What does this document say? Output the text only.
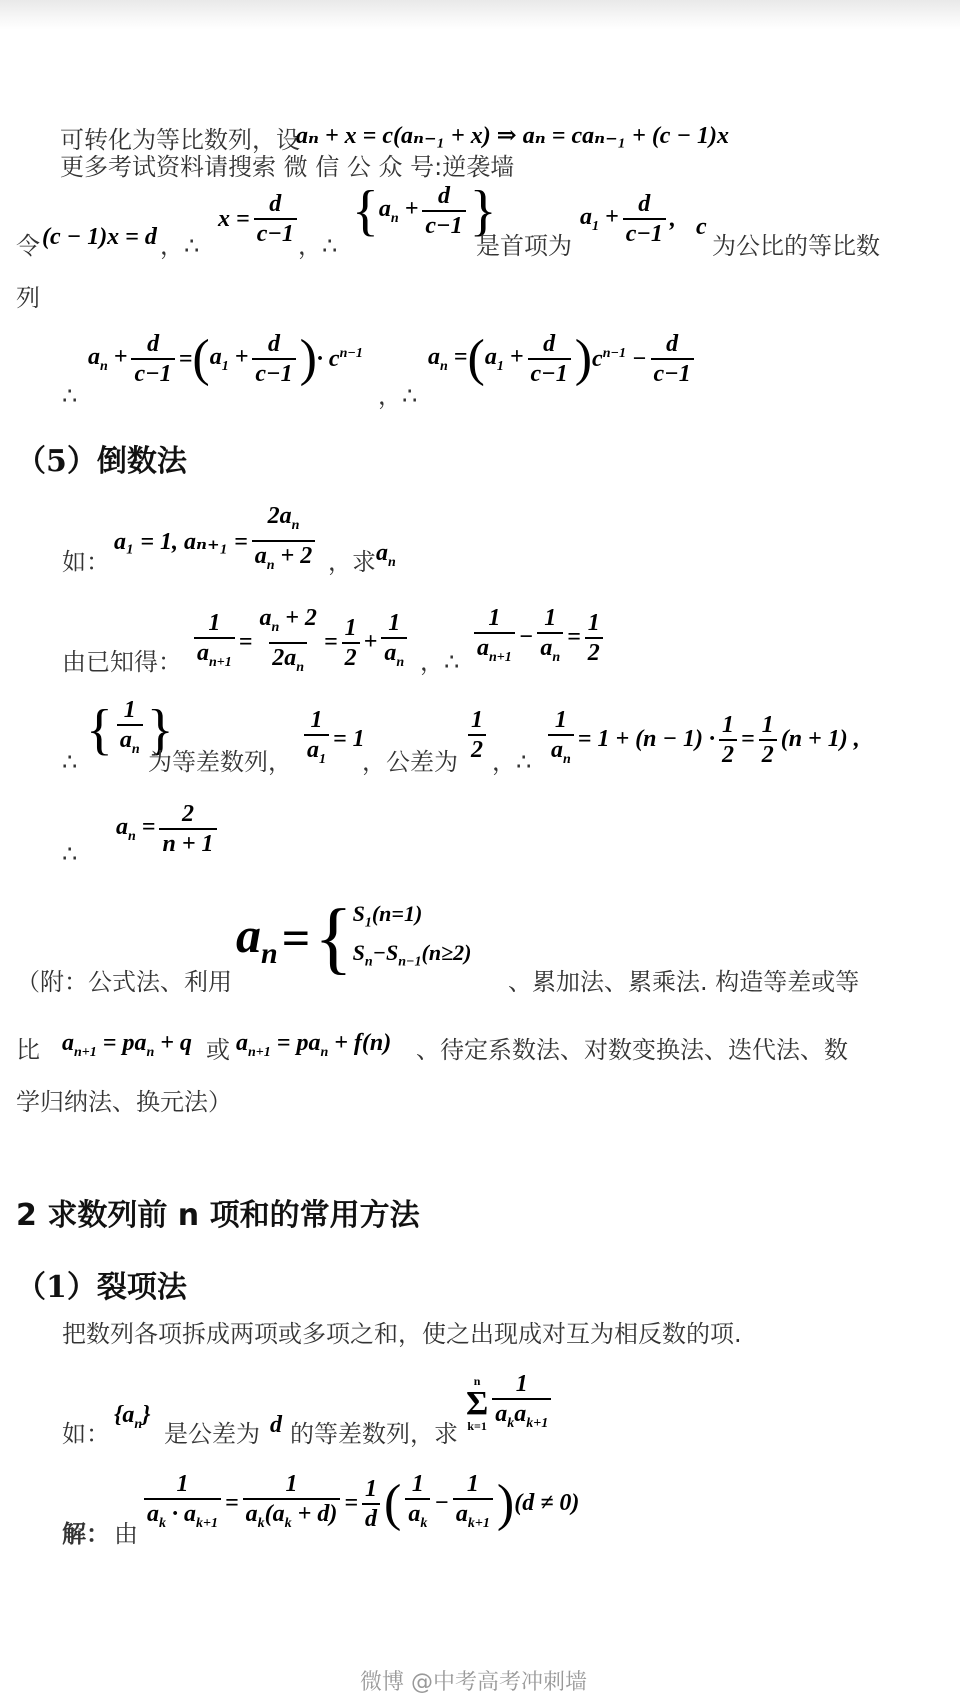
可转化为等比数列，设
aₙ + x = c(aₙ₋₁ + x) ⇒ aₙ = caₙ₋₁ + (c − 1)x
更多考试资料请搜索 微 信 公 众 号:逆袭墙
令 (c − 1)x = d ，∴
$x = \frac{d}{c-1}$ ，∴
{ $a_n + \frac{d}{c-1}$ }
是首项为
$a_1 + \frac{d}{c-1}$ , c
为公比的等比数
列
∴
$a_n + \frac{d}{c-1}$ = ( $a_1 + \frac{d}{c-1}$ ) · $c^{n-1}$
，∴
$a_n$ = ( $a_1 + \frac{d}{c-1}$ ) $c^{n-1} - \frac{d}{c-1}$
（5）倒数法
如：
a₁ = 1, $a_{n+1} = \frac{2a_n}{a_n + 2}$ ，求 $a_n$
由已知得： $\frac{1}{a_{n+1}} = \frac{a_n + 2}{2a_n} = \frac{1}{2} + \frac{1}{a_n}$ ，∴ $\frac{1}{a_{n+1}} - \frac{1}{a_n} = \frac{1}{2}$
∴
{ $\frac{1}{a_n}$ }
为等差数列， $\frac{1}{a_1} = 1$
，公差为 $\frac{1}{2}$ ，∴ $\frac{1}{a_n} = 1 + (n - 1) \cdot \frac{1}{2} = \frac{1}{2} (n + 1)$ ,
∴
$a_n = \frac{2}{n + 1}$
（附：公式法、利用
$a_n$ = { $S_1(n=1)$
$S_n-S_{n-1}(n\ge 2)$
、累加法、累乘法. 构造等差或等
比 $a_{n+1} = pa_n + q$ 或 $a_{n+1} = pa_n + f(n)$ 、待定系数法、对数变换法、迭代法、数
学归纳法、换元法）
2 求数列前 n 项和的常用方法
（1）裂项法
把数列各项拆成两项或多项之和，使之出现成对互为相反数的项.
如：
$\{a_n\}$
是公差为 d 的等差数列，求
n
Σ
$k=1 \frac{1}{a_ka_{k+1}}$
解： 由 $\frac{1}{a_k \cdot a_{k+1}} = \frac{1}{a_k(a_k + d)} = \frac{1}{d}$ ( $\frac{1}{a_k} - \frac{1}{a_{k+1}}$ ) (d ≠ 0)
微博 @中考高考冲刺墙
